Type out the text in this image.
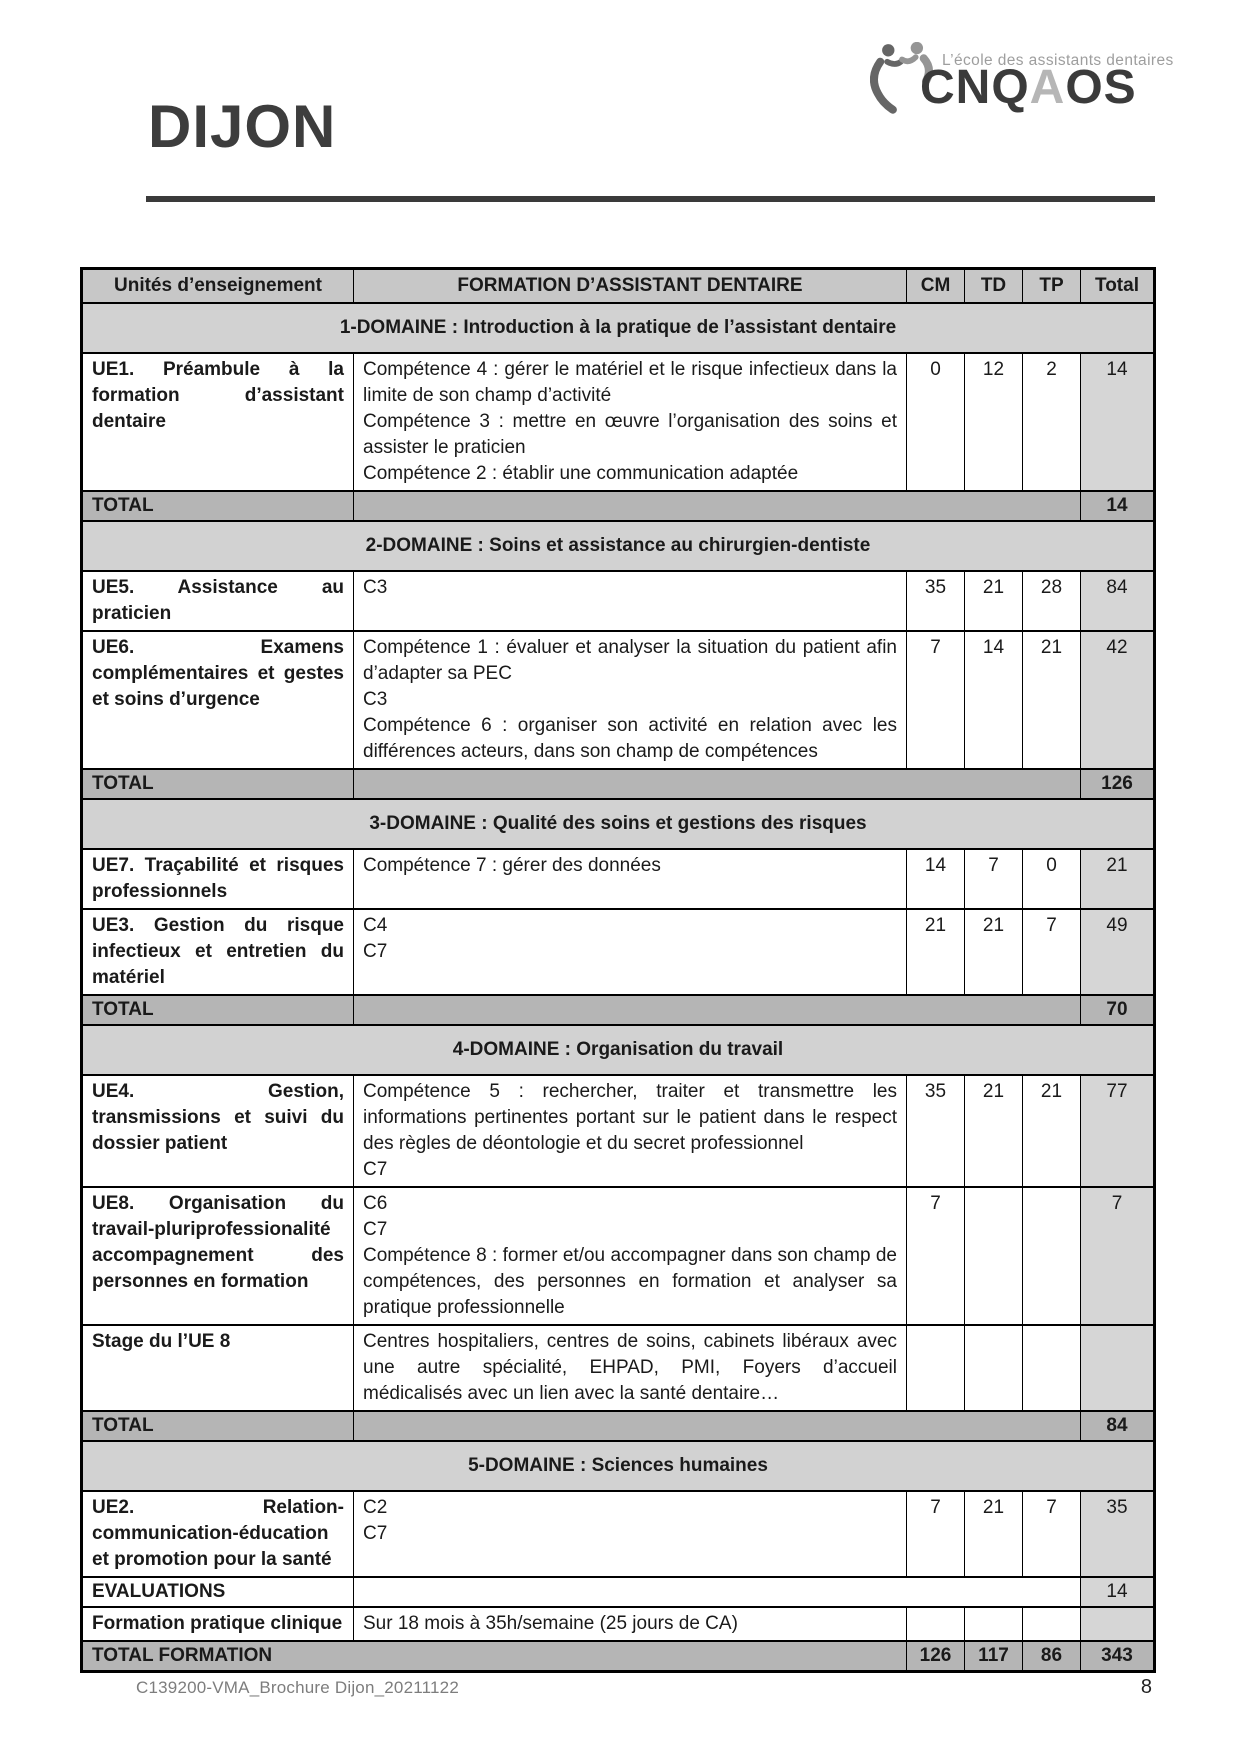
L’école des assistants dentaires
CNQAOS
DIJON
Unités d’enseignement	FORMATION D’ASSISTANT DENTAIRE	CM	TD	TP	Total
1-DOMAINE : Introduction à la pratique de l’assistant dentaire					
UE1. Préambule à la formation d’assistant dentaire	Compétence 4 : gérer le matériel et le risque infectieux dans la limite de son champ d’activité
Compétence 3 : mettre en œuvre l’organisation des soins et assister le praticien
Compétence 2 : établir une communication adaptée	0	12	2	14
TOTAL					14
2-DOMAINE : Soins et assistance au chirurgien-dentiste					
UE5. Assistance au praticien	C3	35	21	28	84
UE6. Examens complémentaires et gestes et soins d’urgence	Compétence 1 : évaluer et analyser la situation du patient afin d’adapter sa PEC
C3
Compétence 6 : organiser son activité en relation avec les différences acteurs, dans son champ de compétences	7	14	21	42
TOTAL					126
3-DOMAINE : Qualité des soins et gestions des risques					
UE7. Traçabilité et risques professionnels	Compétence 7 : gérer des données	14	7	0	21
UE3. Gestion du risque infectieux et entretien du matériel	C4
C7	21	21	7	49
TOTAL					70
4-DOMAINE : Organisation du travail					
UE4. Gestion, transmissions et suivi du dossier patient	Compétence 5 : rechercher, traiter et transmettre les informations pertinentes portant sur le patient dans le respect des règles de déontologie et du secret professionnel
C7	35	21	21	77
UE8. Organisation du travail-pluriprofessionalité accompagnement des personnes en formation	C6
C7
Compétence 8 : former et/ou accompagner dans son champ de compétences, des personnes en formation et analyser sa pratique professionnelle	7			7
Stage du l’UE 8	Centres hospitaliers, centres de soins, cabinets libéraux avec une autre spécialité, EHPAD, PMI, Foyers d’accueil médicalisés avec un lien avec la santé dentaire…				

TOTAL					84
5-DOMAINE : Sciences humaines					
UE2. Relation-communication-éducation et promotion pour la santé	C2
C7	7	21	7	35
EVALUATIONS					14
Formation pratique clinique	Sur 18 mois à 35h/semaine (25 jours de CA)				

TOTAL FORMATION		126	117	86	343
C139200-VMA_Brochure Dijon_20211122	8
